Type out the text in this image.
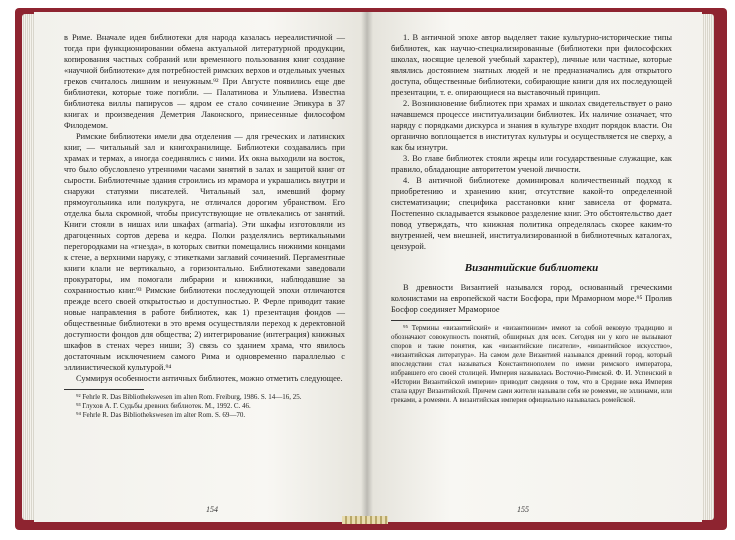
в Риме. Вначале идея библиотеки для народа казалась нереалистичной — тогда при функционировании обмена актуальной литературной продукции, копирования частных собраний или временного пользования книг создание «научной библиотеки» для потребностей римских верхов и отдельных ученых греков считалось лишним и ненужным.⁹² При Августе появились еще две библиотеки, которые тоже погибли. — Палатинова и Ульпиева. Известна библиотека виллы папирусов — ядром ее стало сочинение Эпикура в 37 книгах и произведения Деметрия Лаконского, принесенные философом Филодемом.

Римские библиотеки имели два отделения — для греческих и латинских книг, — читальный зал и книгохранилище. Библиотеки создавались при храмах и термах, а иногда соединялись с ними. Их окна выходили на восток, что было обусловлено утренними часами занятий в залах и защитой книг от сырости. Библиотечные здания строились из мрамора и украшались внутри и снаружи статуями писателей. Читальный зал, имевший форму прямоугольника или полукруга, не отличался дорогим убранством. Его отделка была скромной, чтобы присутствующие не отвлекались от занятий. Книги стояли в нишах или шкафах (armaria). Эти шкафы изготовляли из драгоценных сортов дерева и кедра. Полки разделялись вертикальными перегородками на «гнезда», в которых свитки помещались нижними концами к стене, а верхними наружу, с этикетками заглавий сочинений. Пергаментные книги клали не вертикально, а горизонтально. Библиотеками заведовали прокураторы, им помогали либрарии и книжники, наблюдавшие за сохранностью книг.⁹³ Римские библиотеки последующей эпохи отличаются прежде всего своей открытостью и доступностью. Р. Ферле приводит такие новые направления в работе библиотек, как 1) презентация фондов — общественные библиотеки в это время осуществляли переход к деректовной доступности фондов для общества; 2) интегрирование (интеграция) книжных шкафов в стенах через ниши; 3) связь со зданием храма, что явилось достаточным исключением самого Рима и одновременно параллелью с эллинистической культурой.⁹⁴

Суммируя особенности античных библиотек, можно отметить следующее.

⁹² Fehrle R. Das Bibliothekswesen im alten Rom. Freiburg, 1986. S. 14—16, 25.

⁹³ Глухов А. Г. Судьбы древних библиотек. М., 1992. С. 46.

⁹⁴ Fehrle R. Das Bibliothekswesen im alter Rom. S. 69—70.

154

1. В античной эпохе автор выделяет такие культурно-исторические типы библиотек, как научно-специализированные (библиотеки при философских школах, носящие целевой учебный характер), личные или частные, которые являлись достоянием знатных людей и не предназначались для открытого доступа, общественные библиотеки, собирающие книги для их последующей презентации, т. е. опирающиеся на выставочный принцип.

2. Возникновение библиотек при храмах и школах свидетельствует о рано начавшемся процессе институализации библиотек. Их наличие означает, что наряду с порядками дискурса и знания в культуре входит порядок власти. Он органично воплощается в институтах культуры и осуществляется не сверху, а как бы изнутри.

3. Во главе библиотек стояли жрецы или государственные служащие, как правило, обладающие авторитетом ученой личности.

4. В античной библиотеке доминировал количественный подход к приобретению и хранению книг, отсутствие какой-то определенной систематизации; специфика расстановки книг зависела от формата. Постепенно складывается языковое разделение книг. Это обстоятельство дает повод утверждать, что книжная политика определялась скорее каким-то внутренней, чем внешней, институализированной в библиотечных каталогах, цензурой.

Византийские библиотеки

В древности Византией назывался город, основанный греческими колонистами на европейской части Босфора, при Мраморном море.⁹⁵ Пролив Босфор соединяет Мраморное

⁹⁵ Термины «византийский» и «византинизм» имеют за собой вековую традицию и обозначают совокупность понятий, обширных для всех. Сегодня ни у кого не вызывают споров и такие понятия, как «византийские писатели», «византийское искусство», «византийская литература». На самом деле Византией назывался древний город, который впоследствии стал называться Константинополем по имени римского императора, избравшего его своей столицей. Империя называлась Восточно-Римской. Ф. И. Успенский в «Истории Византийской империи» приводит сведения о том, что в Средние века Империя стала вдруг Византийской. Причем сами жители называли себя не ромеями, не эллинами, или греками, а ромеями. А византийская империя официально называлась ромейской.

155
